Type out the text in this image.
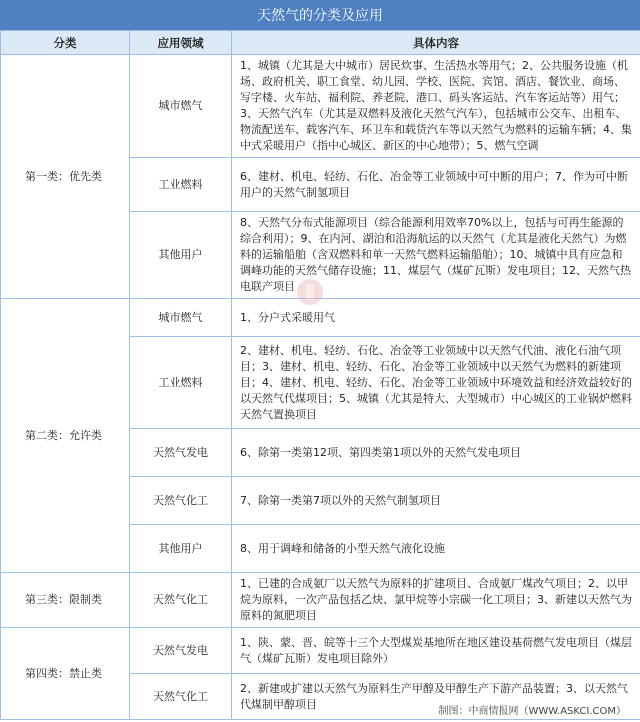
天然气的分类及应用
分类	应用领域	具体内容
第一类：优先类	城市燃气	1、城镇（尤其是大中城市）居民炊事、生活热水等用气；2、公共服务设施（机场、政府机关、职工食堂、幼儿园、学校、医院、宾馆、酒店、餐饮业、商场、写字楼、火车站、福利院、养老院、港口、码头客运站、汽车客运站等）用气；3、天然气汽车（尤其是双燃料及液化天然气汽车），包括城市公交车、出租车、物流配送车、载客汽车、环卫车和载货汽车等以天然气为燃料的运输车辆；4、集中式采暖用户（指中心城区、新区的中心地带）；5、燃气空调
	工业燃料	6、建材、机电、轻纺、石化、冶金等工业领域中可中断的用户；7、作为可中断用户的天然气制氢项目
	其他用户	8、天然气分布式能源项目（综合能源利用效率70%以上，包括与可再生能源的综合利用）；9、在内河、湖泊和沿海航运的以天然气（尤其是液化天然气）为燃料的运输船舶（含双燃料和单一天然气燃料运输船舶）；10、城镇中具有应急和调峰功能的天然气储存设施；11、煤层气（煤矿瓦斯）发电项目；12、天然气热电联产项目
第二类：允许类	城市燃气	1、分户式采暖用气
	工业燃料	2、建材、机电、轻纺、石化、冶金等工业领域中以天然气代油、液化石油气项目；3、建材、机电、轻纺、石化、冶金等工业领域中以天然气为燃料的新建项目；4、建材、机电、轻纺、石化、冶金等工业领域中环境效益和经济效益较好的以天然气代煤项目；5、城镇（尤其是特大、大型城市）中心城区的工业锅炉燃料天然气置换项目
	天然气发电	6、除第一类第12项、第四类第1项以外的天然气发电项目
	天然气化工	7、除第一类第7项以外的天然气制氢项目
	其他用户	8、用于调峰和储备的小型天然气液化设施
第三类：限制类	天然气化工	1、已建的合成氨厂以天然气为原料的扩建项目、合成氨厂煤改气项目；2、以甲烷为原料，一次产品包括乙炔、氯甲烷等小宗碳一化工项目；3、新建以天然气为原料的氮肥项目
第四类：禁止类	天然气发电	1、陕、蒙、晋、皖等十三个大型煤炭基地所在地区建设基荷燃气发电项目（煤层气（煤矿瓦斯）发电项目除外）
	天然气化工	2、新建或扩建以天然气为原料生产甲醇及甲醇生产下游产品装置；3、以天然气代煤制甲醇项目
制图：中商情报网（WWW.ASKCI.COM）
